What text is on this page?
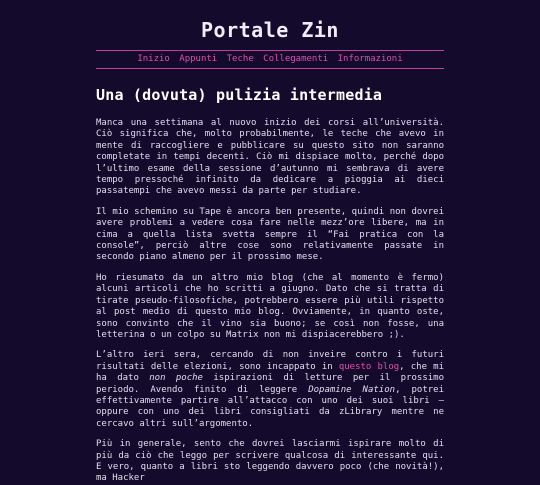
Portale Zin
Inizio Appunti Teche Collegamenti Informazioni
Una (dovuta) pulizia intermedia

Manca una settimana al nuovo inizio dei corsi all’università. Ciò significa che, molto probabilmente, le teche che avevo in mente di raccogliere e pubblicare su questo sito non saranno completate in tempi decenti. Ciò mi dispiace molto, perché dopo l’ultimo esame della sessione d’autunno mi sembrava di avere tempo pressoché infinito da dedicare a pioggia ai dieci passatempi che avevo messi da parte per studiare.

Il mio schemino su Tape è ancora ben presente, quindi non dovrei avere problemi a vedere cosa fare nelle mezz’ore libere, ma in cima a quella lista svetta sempre il “Fai pratica con la console”, perciò altre cose sono relativamente passate in secondo piano almeno per il prossimo mese.

Ho riesumato da un altro mio blog (che al momento è fermo) alcuni articoli che ho scritti a giugno. Dato che si tratta di tirate pseudo-filosofiche, potrebbero essere più utili rispetto al post medio di questo mio blog. Ovviamente, in quanto oste, sono convinto che il vino sia buono; se così non fosse, una letterina o un colpo su Matrix non mi dispiacerebbero ;).

L’altro ieri sera, cercando di non inveire contro i futuri risultati delle elezioni, sono incappato in questo blog, che mi ha dato non poche ispirazioni di letture per il prossimo periodo. Avendo finito di leggere Dopamine Nation, potrei effettivamente partire all’attacco con uno dei suoi libri — oppure con uno dei libri consigliati da zLibrary mentre ne cercavo altri sull’argomento.

Più in generale, sento che dovrei lasciarmi ispirare molto di più da ciò che leggo per scrivere qualcosa di interessante qui. E vero, quanto a libri sto leggendo davvero poco (che novità!), ma Hacker
